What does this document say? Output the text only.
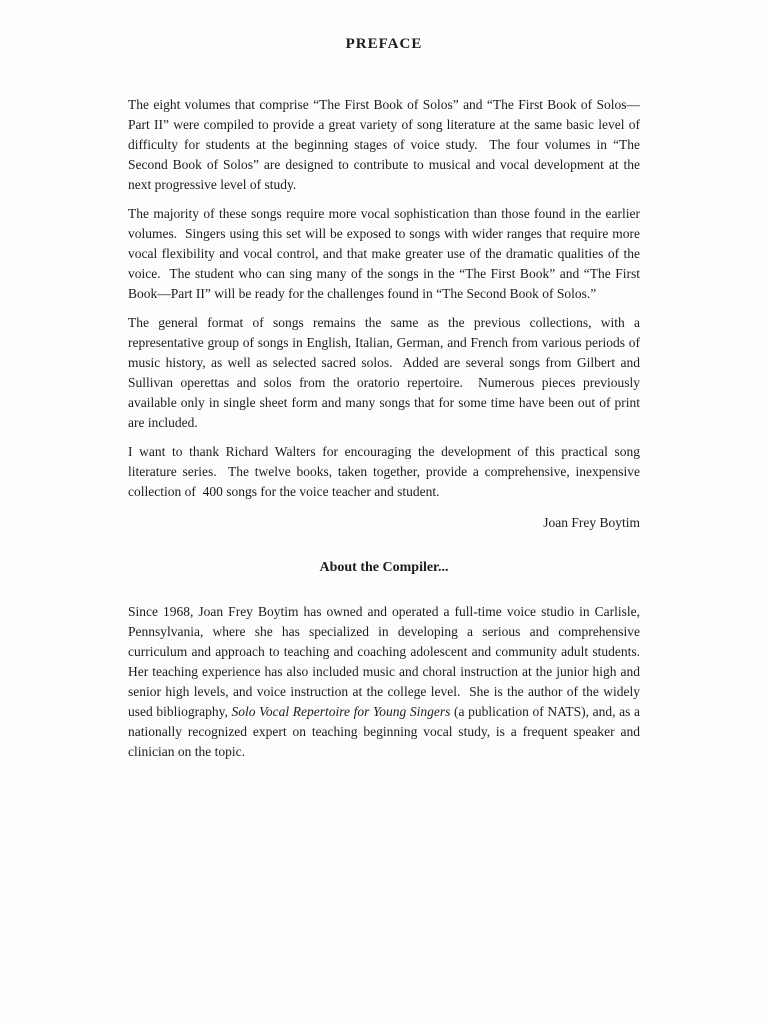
PREFACE

The eight volumes that comprise “The First Book of Solos” and “The First Book of Solos—Part II” were compiled to provide a great variety of song literature at the same basic level of difficulty for students at the beginning stages of voice study.  The four volumes in “The Second Book of Solos” are designed to contribute to musical and vocal development at the next progressive level of study.

The majority of these songs require more vocal sophistication than those found in the earlier volumes.  Singers using this set will be exposed to songs with wider ranges that require more vocal flexibility and vocal control, and that make greater use of the dramatic qualities of the voice.  The student who can sing many of the songs in the “The First Book” and “The First Book—Part II” will be ready for the challenges found in “The Second Book of Solos.”

The general format of songs remains the same as the previous collections, with a representative group of songs in English, Italian, German, and French from various periods of music history, as well as selected sacred solos.  Added are several songs from Gilbert and Sullivan operettas and solos from the oratorio repertoire.  Numerous pieces previously available only in single sheet form and many songs that for some time have been out of print are included.

I want to thank Richard Walters for encouraging the development of this practical song literature series.  The twelve books, taken together, provide a comprehensive, inexpensive collection of  400 songs for the voice teacher and student.

Joan Frey Boytim

About the Compiler...

Since 1968, Joan Frey Boytim has owned and operated a full-time voice studio in Carlisle, Pennsylvania, where she has specialized in developing a serious and comprehensive curriculum and approach to teaching and coaching adolescent and community adult students.  Her teaching experience has also included music and choral instruction at the junior high and senior high levels, and voice instruction at the college level.  She is the author of the widely used bibliography, Solo Vocal Repertoire for Young Singers (a publication of NATS), and, as a nationally recognized expert on teaching beginning vocal study, is a frequent speaker and clinician on the topic.
